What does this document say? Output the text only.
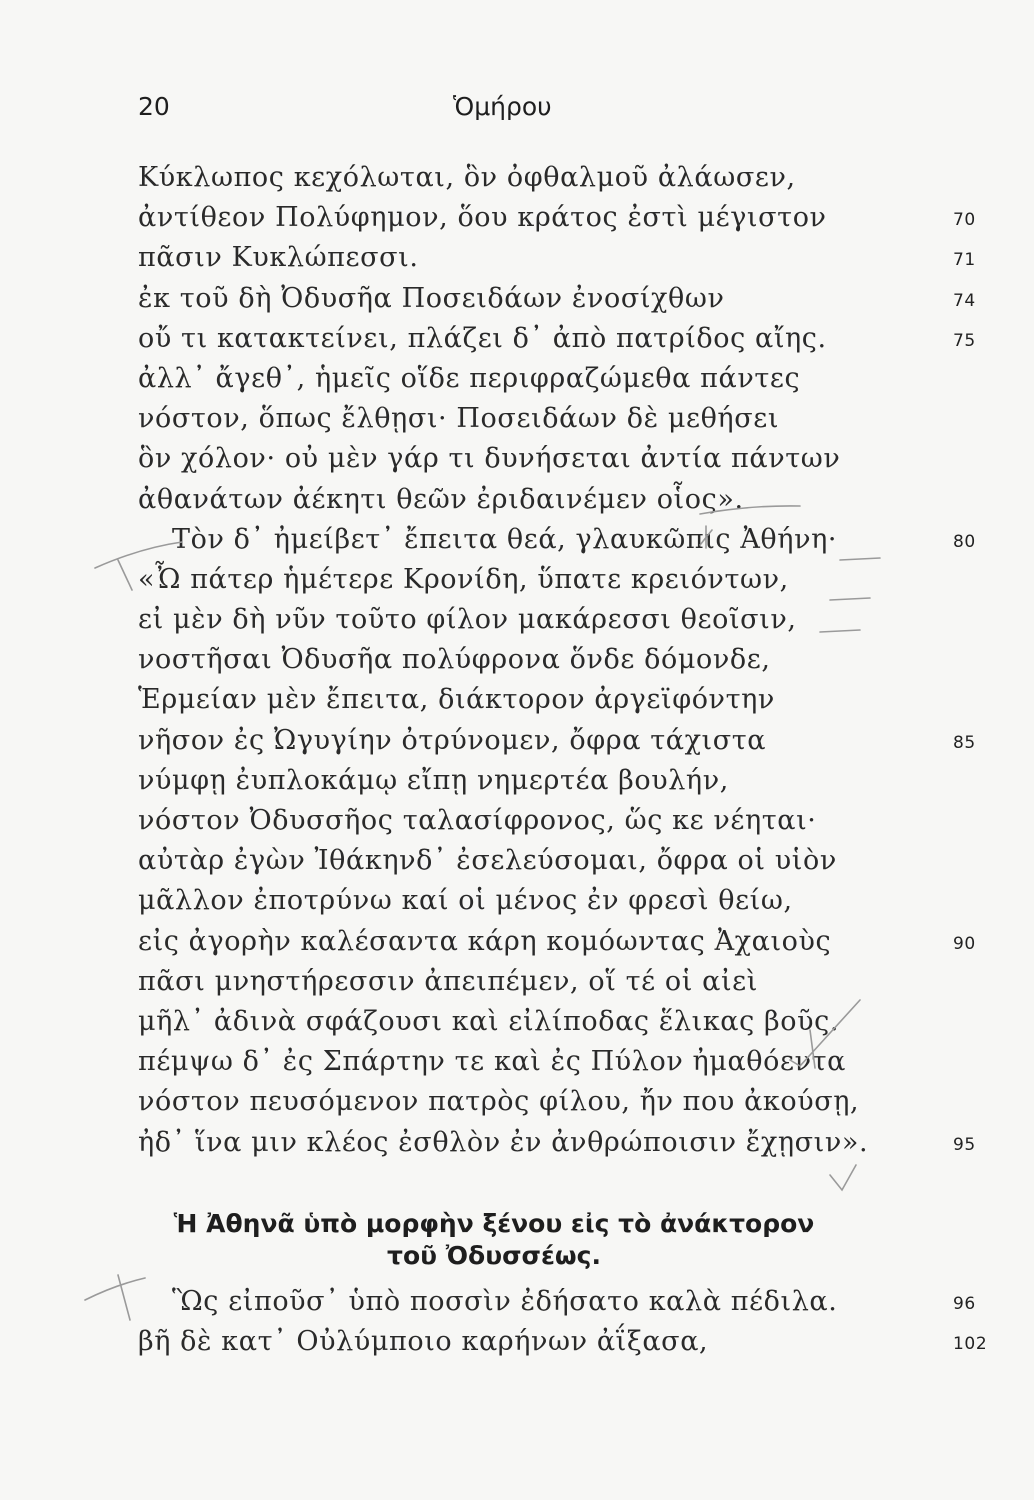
20	Ὁμήρου
Κύκλωπος κεχόλωται, ὃν ὀφθαλμοῦ ἀλάωσεν,
ἀντίθεον Πολύφημον, ὅου κράτος ἐστὶ μέγιστον	70
πᾶσιν Κυκλώπεσσι.	71
ἐκ τοῦ δὴ Ὀδυσῆα Ποσειδάων ἐνοσίχθων	74
οὔ τι κατακτείνει, πλάζει δ᾽ ἀπὸ πατρίδος αἴης.	75
ἀλλ᾽ ἄγεθ᾽, ἡμεῖς οἵδε περιφραζώμεθα πάντες
νόστον, ὅπως ἔλθῃσι· Ποσειδάων δὲ μεθήσει
ὃν χόλον· οὐ μὲν γάρ τι δυνήσεται ἀντία πάντων
ἀθανάτων ἀέκητι θεῶν ἐριδαινέμεν οἷος».
Τὸν δ᾽ ἠμείβετ᾽ ἔπειτα θεά, γλαυκῶπις Ἀθήνη·	80
«Ὦ πάτερ ἡμέτερε Κρονίδη, ὕπατε κρειόντων,
εἰ μὲν δὴ νῦν τοῦτο φίλον μακάρεσσι θεοῖσιν,
νοστῆσαι Ὀδυσῆα πολύφρονα ὅνδε δόμονδε,
Ἑρμείαν μὲν ἔπειτα, διάκτορον ἀργεϊφόντην
νῆσον ἐς Ὠγυγίην ὀτρύνομεν, ὄφρα τάχιστα	85
νύμφῃ ἐυπλοκάμῳ εἴπῃ νημερτέα βουλήν,
νόστον Ὀδυσσῆος ταλασίφρονος, ὥς κε νέηται·
αὐτὰρ ἐγὼν Ἰθάκηνδ᾽ ἐσελεύσομαι, ὄφρα οἱ υἱὸν
μᾶλλον ἐποτρύνω καί οἱ μένος ἐν φρεσὶ θείω,
εἰς ἀγορὴν καλέσαντα κάρη κομόωντας Ἀχαιοὺς	90
πᾶσι μνηστήρεσσιν ἀπειπέμεν, οἵ τέ οἱ αἰεὶ
μῆλ᾽ ἀδινὰ σφάζουσι καὶ εἰλίποδας ἕλικας βοῦς.
πέμψω δ᾽ ἐς Σπάρτην τε καὶ ἐς Πύλον ἠμαθόεντα
νόστον πευσόμενον πατρὸς φίλου, ἤν που ἀκούσῃ,
ἠδ᾽ ἵνα μιν κλέος ἐσθλὸν ἐν ἀνθρώποισιν ἔχῃσιν».	95
Ἡ Ἀθηνᾶ ὑπὸ μορφὴν ξένου εἰς τὸ ἀνάκτορον
τοῦ Ὀδυσσέως.
Ὣς εἰποῦσ᾽ ὑπὸ ποσσὶν ἐδήσατο καλὰ πέδιλα.	96
βῆ δὲ κατ᾽ Οὐλύμποιο καρήνων ἀΐξασα,	102
